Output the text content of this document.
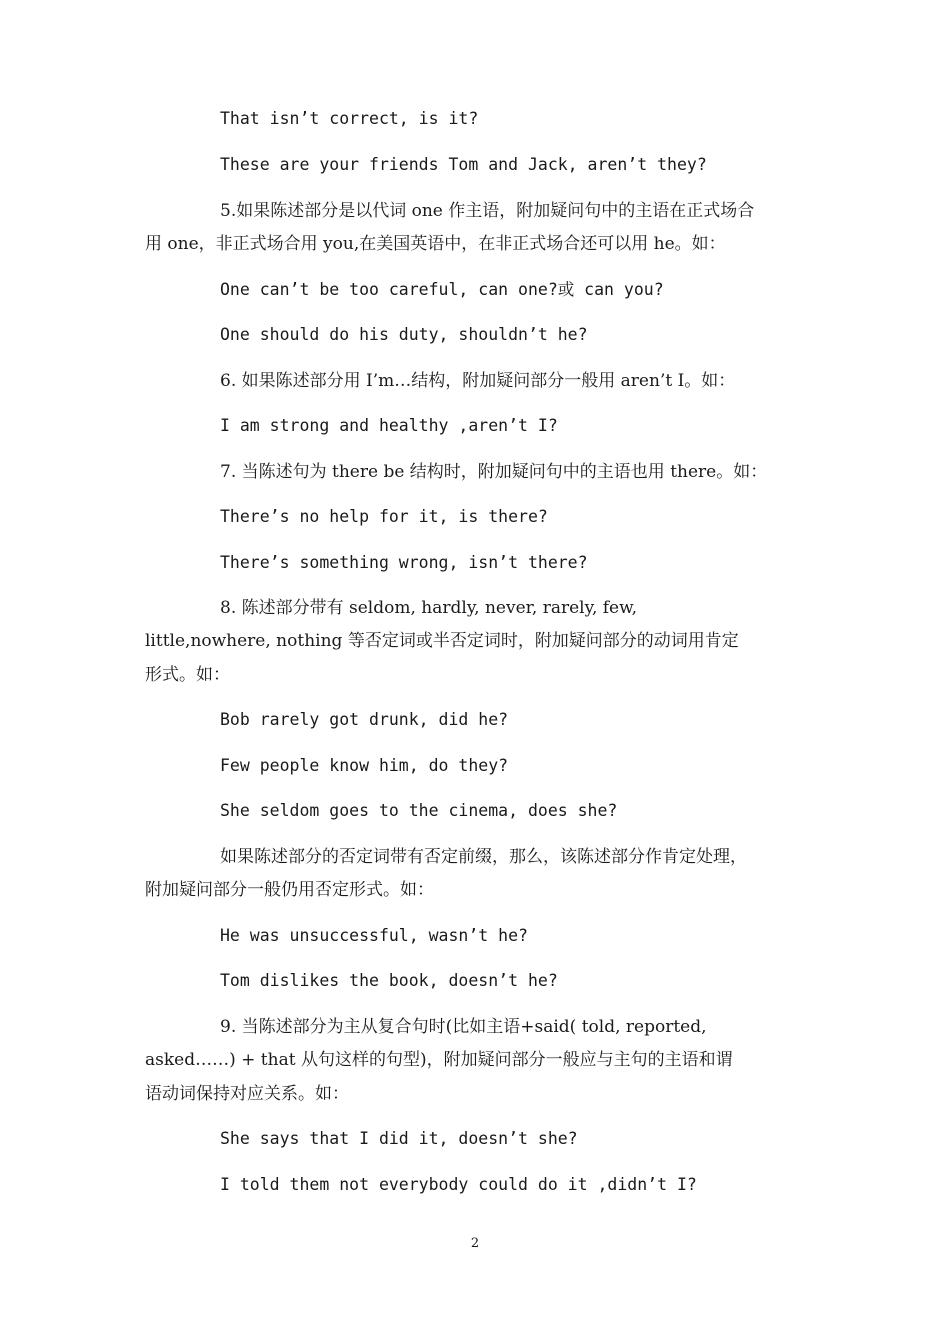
That isn’t correct, is it?

These are your friends Tom and Jack, aren’t they?

5.如果陈述部分是以代词 one 作主语，附加疑问句中的主语在正式场合

用 one，非正式场合用 you,在美国英语中，在非正式场合还可以用 he。如：

One can’t be too careful, can one?或 can you?

One should do his duty, shouldn’t he?

6. 如果陈述部分用 I’m…结构，附加疑问部分一般用 aren’t I。如：

I am strong and healthy ,aren’t I?

7. 当陈述句为 there be 结构时，附加疑问句中的主语也用 there。如：

There’s no help for it, is there?

There’s something wrong, isn’t there?

8. 陈述部分带有 seldom, hardly, never, rarely, few,

little,nowhere, nothing 等否定词或半否定词时，附加疑问部分的动词用肯定

形式。如：

Bob rarely got drunk, did he?

Few people know him, do they?

She seldom goes to the cinema, does she?

如果陈述部分的否定词带有否定前缀，那么，该陈述部分作肯定处理，

附加疑问部分一般仍用否定形式。如：

He was unsuccessful, wasn’t he?

Tom dislikes the book, doesn’t he?

9. 当陈述部分为主从复合句时(比如主语+said( told, reported,

asked……) + that 从句这样的句型)，附加疑问部分一般应与主句的主语和谓

语动词保持对应关系。如：

She says that I did it, doesn’t she?

I told them not everybody could do it ,didn’t I?

2
